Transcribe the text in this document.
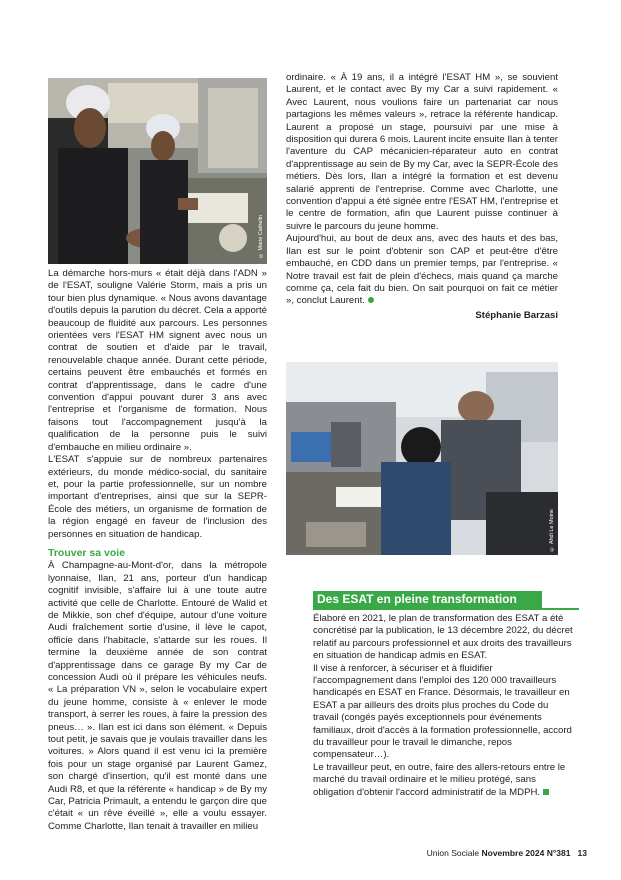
© Marie Cathelin

La démarche hors-murs « était déjà dans l'ADN » de l'ESAT, souligne Valérie Storm, mais a pris un tour bien plus dynamique. « Nous avons davantage d'outils depuis la parution du décret. Cela a apporté beaucoup de fluidité aux parcours. Les personnes orientées vers l'ESAT HM signent avec nous un contrat de soutien et d'aide par le travail, renouvelable chaque année. Durant cette période, certains peuvent être embauchés et formés en contrat d'apprentissage, dans le cadre d'une convention d'appui pouvant durer 3 ans avec l'entreprise et l'organisme de formation. Nous faisons tout l'accompagnement jusqu'à la qualification de la personne puis le suivi d'embauche en milieu ordinaire ».

L'ESAT s'appuie sur de nombreux partenaires extérieurs, du monde médico-social, du sanitaire et, pour la partie professionnelle, sur un nombre important d'entreprises, ainsi que sur la SEPR-École des métiers, un organisme de formation de la région engagé en faveur de l'inclusion des personnes en situation de handicap.

Trouver sa voie

À Champagne-au-Mont-d'or, dans la métropole lyonnaise, Ilan, 21 ans, porteur d'un handicap cognitif invisible, s'affaire lui à une toute autre activité que celle de Charlotte. Entouré de Walid et de Mikkie, son chef d'équipe, autour d'une voiture Audi fraîchement sortie d'usine, il lève le capot, officie dans l'habitacle, s'attarde sur les roues. Il termine la deuxième année de son contrat d'apprentissage dans ce garage By my Car de concession Audi où il prépare les véhicules neufs. « La préparation VN », selon le vocabulaire expert du jeune homme, consiste à « enlever le mode transport, à serrer les roues, à faire la pression des pneus… ». Ilan est ici dans son élément. « Depuis tout petit, je savais que je voulais travailler dans les voitures. » Alors quand il est venu ici la première fois pour un stage organisé par Laurent Gamez, son chargé d'insertion, qu'il est monté dans une Audi R8, et que la référente « handicap » de By my Car, Patricia Primault, a entendu le garçon dire que c'était « un rêve éveillé », elle a voulu essayer. Comme Charlotte, Ilan tenait à travailler en milieu

ordinaire. « À 19 ans, il a intégré l'ESAT HM », se souvient Laurent, et le contact avec By my Car a suivi rapidement. « Avec Laurent, nous voulions faire un partenariat car nous partagions les mêmes valeurs », retrace la référente handicap. Laurent a proposé un stage, poursuivi par une mise à disposition qui durera 6 mois. Laurent incite ensuite Ilan à tenter l'aventure du CAP mécanicien-réparateur auto en contrat d'apprentissage au sein de By my Car, avec la SEPR-École des métiers. Dès lors, Ilan a intégré la formation et est devenu salarié apprenti de l'entreprise. Comme avec Charlotte, une convention d'appui a été signée entre l'ESAT HM, l'entreprise et le centre de formation, afin que Laurent puisse continuer à suivre le parcours du jeune homme.

Aujourd'hui, au bout de deux ans, avec des hauts et des bas, Ilan est sur le point d'obtenir son CAP et peut-être d'être embauché, en CDD dans un premier temps, par l'entreprise. « Notre travail est fait de plein d'échecs, mais quand ça marche comme ça, cela fait du bien. On sait pourquoi on fait ce métier », conclut Laurent.

Stéphanie Barzasi
© Ahdi Le Moine
Des ESAT en pleine transformation

Élaboré en 2021, le plan de transformation des ESAT a été concrétisé par la publication, le 13 décembre 2022, du décret relatif au parcours professionnel et aux droits des travailleurs en situation de handicap admis en ESAT.

Il vise à renforcer, à sécuriser et à fluidifier l'accompagnement dans l'emploi des 120 000 travailleurs handicapés en ESAT en France. Désormais, le travailleur en ESAT a par ailleurs des droits plus proches du Code du travail (congés payés exceptionnels pour événements familiaux, droit d'accès à la formation professionnelle, accord du travailleur pour le travail le dimanche, repos compensateur…).

Le travailleur peut, en outre, faire des allers-retours entre le marché du travail ordinaire et le milieu protégé, sans obligation d'obtenir l'accord administratif de la MDPH.

Union Sociale Novembre 2024 N°381 13
